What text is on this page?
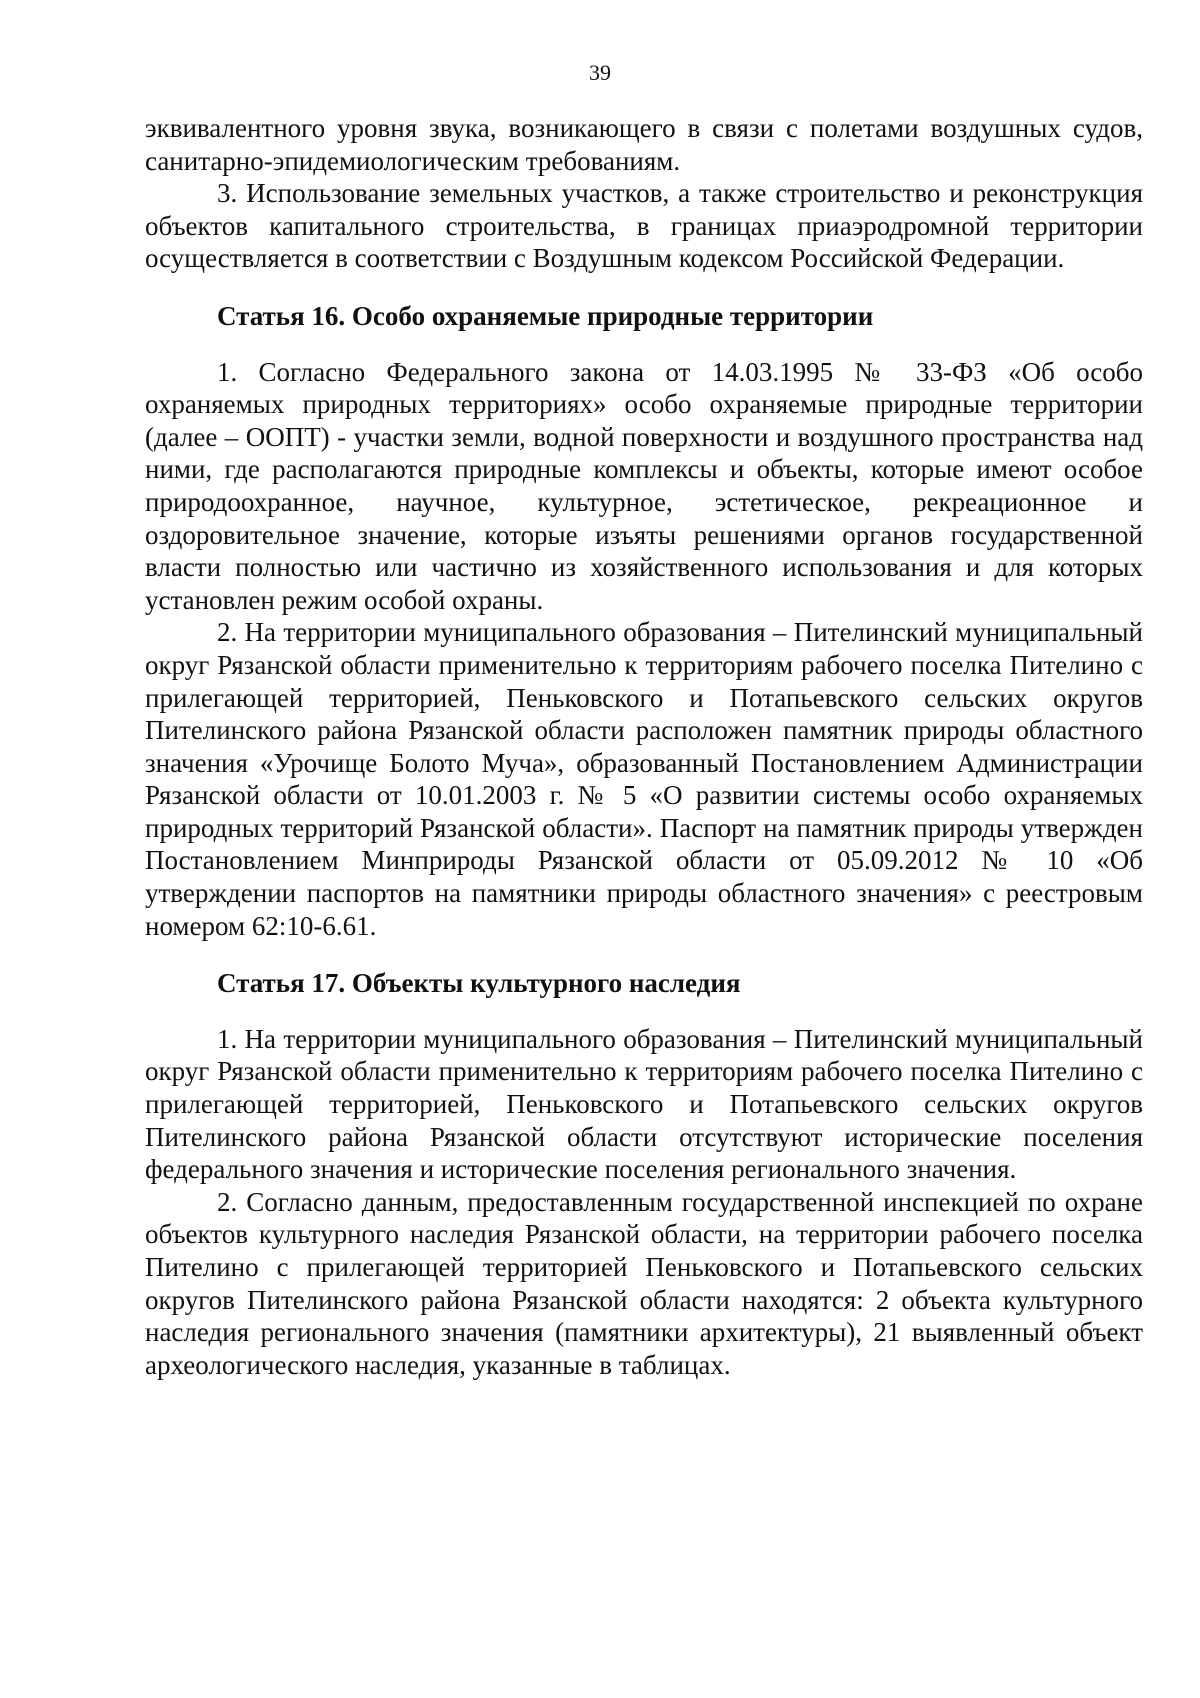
39

эквивалентного уровня звука, возникающего в связи с полетами воздушных судов, санитарно-эпидемиологическим требованиям.

3. Использование земельных участков, а также строительство и реконструкция объектов капитального строительства, в границах приаэродромной территории осуществляется в соответствии с Воздушным кодексом Российской Федерации.

Статья 16. Особо охраняемые природные территории

1. Согласно Федерального закона от 14.03.1995 № 33-ФЗ «Об особо охраняемых природных территориях» особо охраняемые природные территории (далее – ООПТ) - участки земли, водной поверхности и воздушного пространства над ними, где располагаются природные комплексы и объекты, которые имеют особое природоохранное, научное, культурное, эстетическое, рекреационное и оздоровительное значение, которые изъяты решениями органов государственной власти полностью или частично из хозяйственного использования и для которых установлен режим особой охраны.

2. На территории муниципального образования – Пителинский муниципальный округ Рязанской области применительно к территориям рабочего поселка Пителино с прилегающей территорией, Пеньковского и Потапьевского сельских округов Пителинского района Рязанской области расположен памятник природы областного значения «Урочище Болото Муча», образованный Постановлением Администрации Рязанской области от 10.01.2003 г. № 5 «О развитии системы особо охраняемых природных территорий Рязанской области». Паспорт на памятник природы утвержден Постановлением Минприроды Рязанской области от 05.09.2012 № 10 «Об утверждении паспортов на памятники природы областного значения» с реестровым номером 62:10-6.61.

Статья 17. Объекты культурного наследия

1. На территории муниципального образования – Пителинский муниципальный округ Рязанской области применительно к территориям рабочего поселка Пителино с прилегающей территорией, Пеньковского и Потапьевского сельских округов Пителинского района Рязанской области отсутствуют исторические поселения федерального значения и исторические поселения регионального значения.

2. Согласно данным, предоставленным государственной инспекцией по охране объектов культурного наследия Рязанской области, на территории рабочего поселка Пителино с прилегающей территорией Пеньковского и Потапьевского сельских округов Пителинского района Рязанской области находятся: 2 объекта культурного наследия регионального значения (памятники архитектуры), 21 выявленный объект археологического наследия, указанные в таблицах.
